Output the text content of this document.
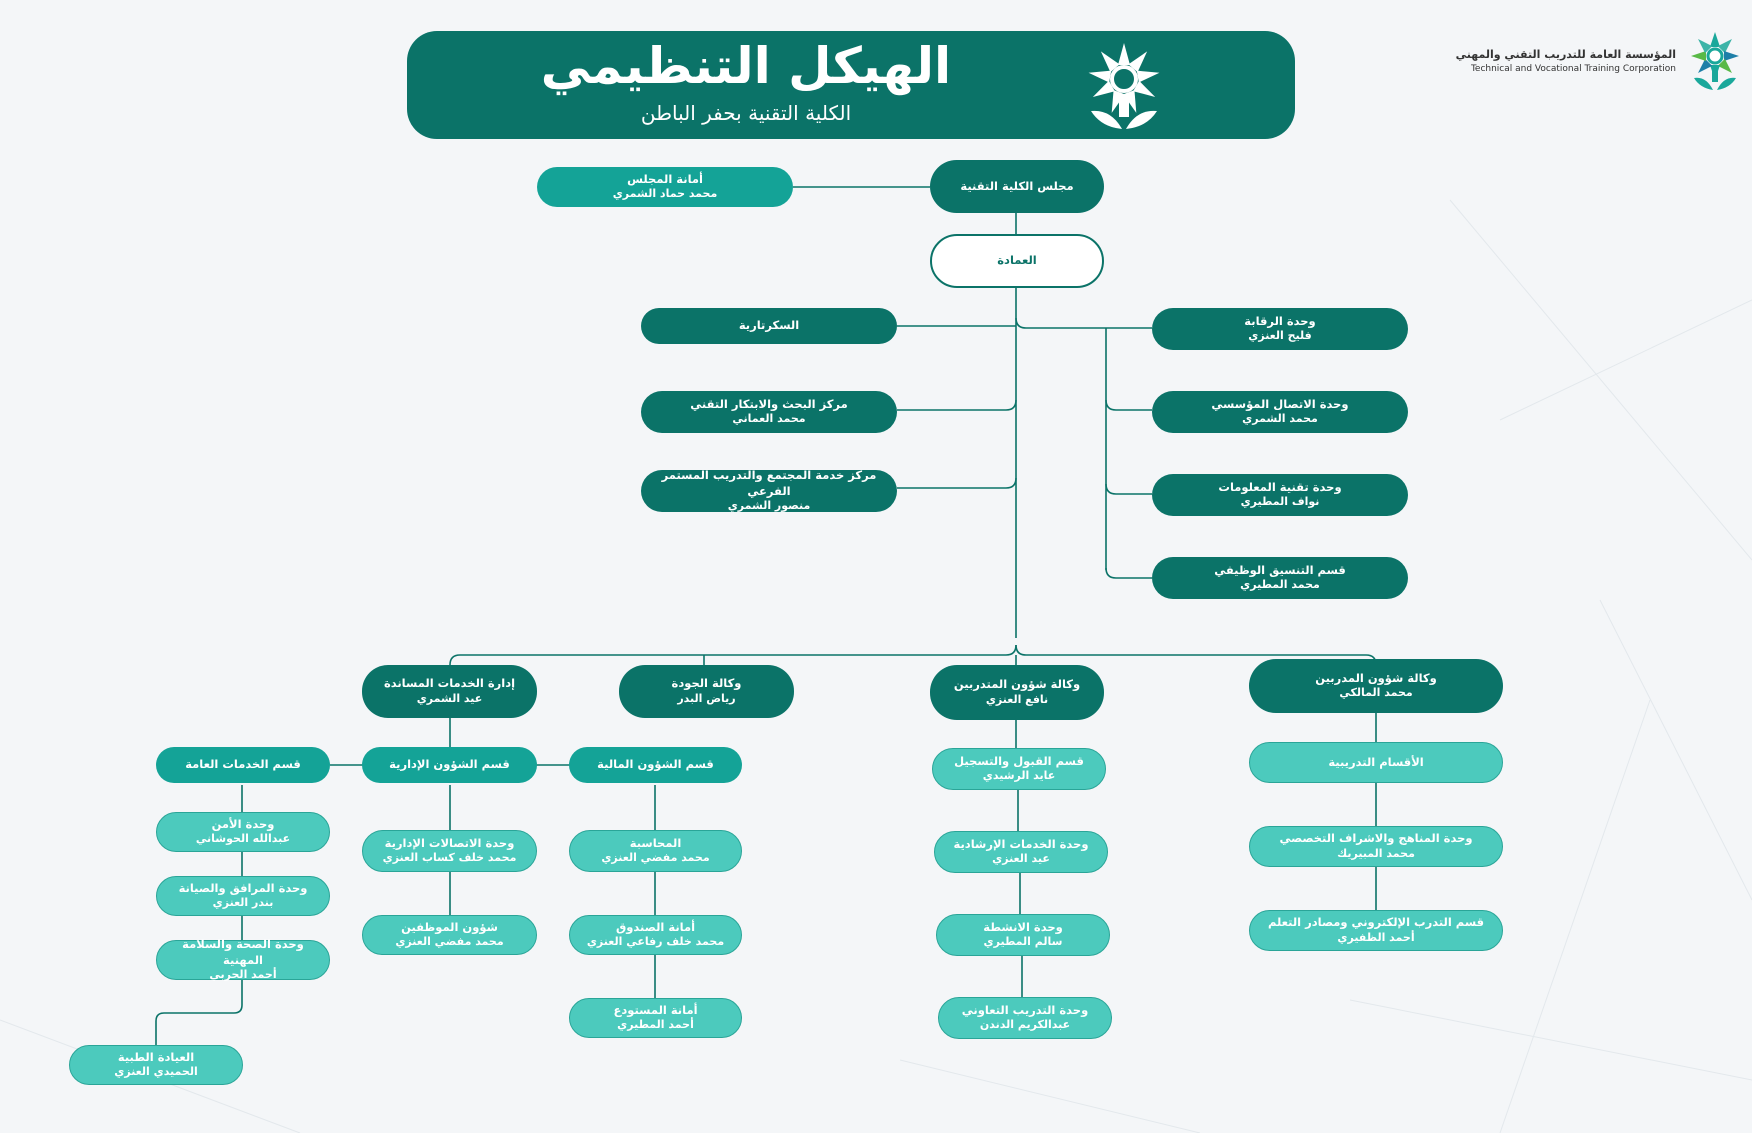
الهيكل التنظيمي
الكلية التقنية بحفر الباطن
المؤسسة العامة للتدريب التقني والمهني
Technical and Vocational Training Corporation
مجلس الكلية التقنية
أمانة المجلس
محمد حماد الشمري
العمادة
السكرتارية
مركز البحث والابتكار التقني
محمد العماني
مركز خدمة المجتمع والتدريب المستمر الفرعي
منصور الشمري
وحدة الرقابة
فليح العنزي
وحدة الاتصال المؤسسي
محمد الشمري
وحدة تقنية المعلومات
نواف المطيري
قسم التنسيق الوظيفي
محمد المطيري
إدارة الخدمات المساندة
عيد الشمري
وكالة الجودة
رياض البدر
وكالة شؤون المتدربين
نافع العنزي
وكالة شؤون المدربين
محمد المالكي
قسم الخدمات العامة	قسم الشؤون الإدارية	قسم الشؤون المالية
وحدة الأمن
عبدالله الحوشاني
وحدة المرافق والصيانة
بندر العنزي
وحدة الصحة والسلامة المهنية
أحمد الحربي
العيادة الطبية
الحميدي العنزي
وحدة الاتصالات الإدارية
محمد خلف كساب العنزي
شؤون الموظفين
محمد مفضي العنزي
المحاسبة
محمد مفضي العنزي
أمانة الصندوق
محمد خلف رفاعي العنزي
أمانة المستودع
أحمد المطيري
قسم القبول والتسجيل
عايد الرشيدي
وحدة الخدمات الإرشادية
عيد العنزي
وحدة الانشطة
سالم المطيري
وحدة التدريب التعاوني
عبدالكريم الدندن
الأقسام التدريبية
وحدة المناهج والاشراف التخصصي
محمد المبيريك
قسم التدرب الإلكتروني ومصادر التعلم
أحمد الظفيري
